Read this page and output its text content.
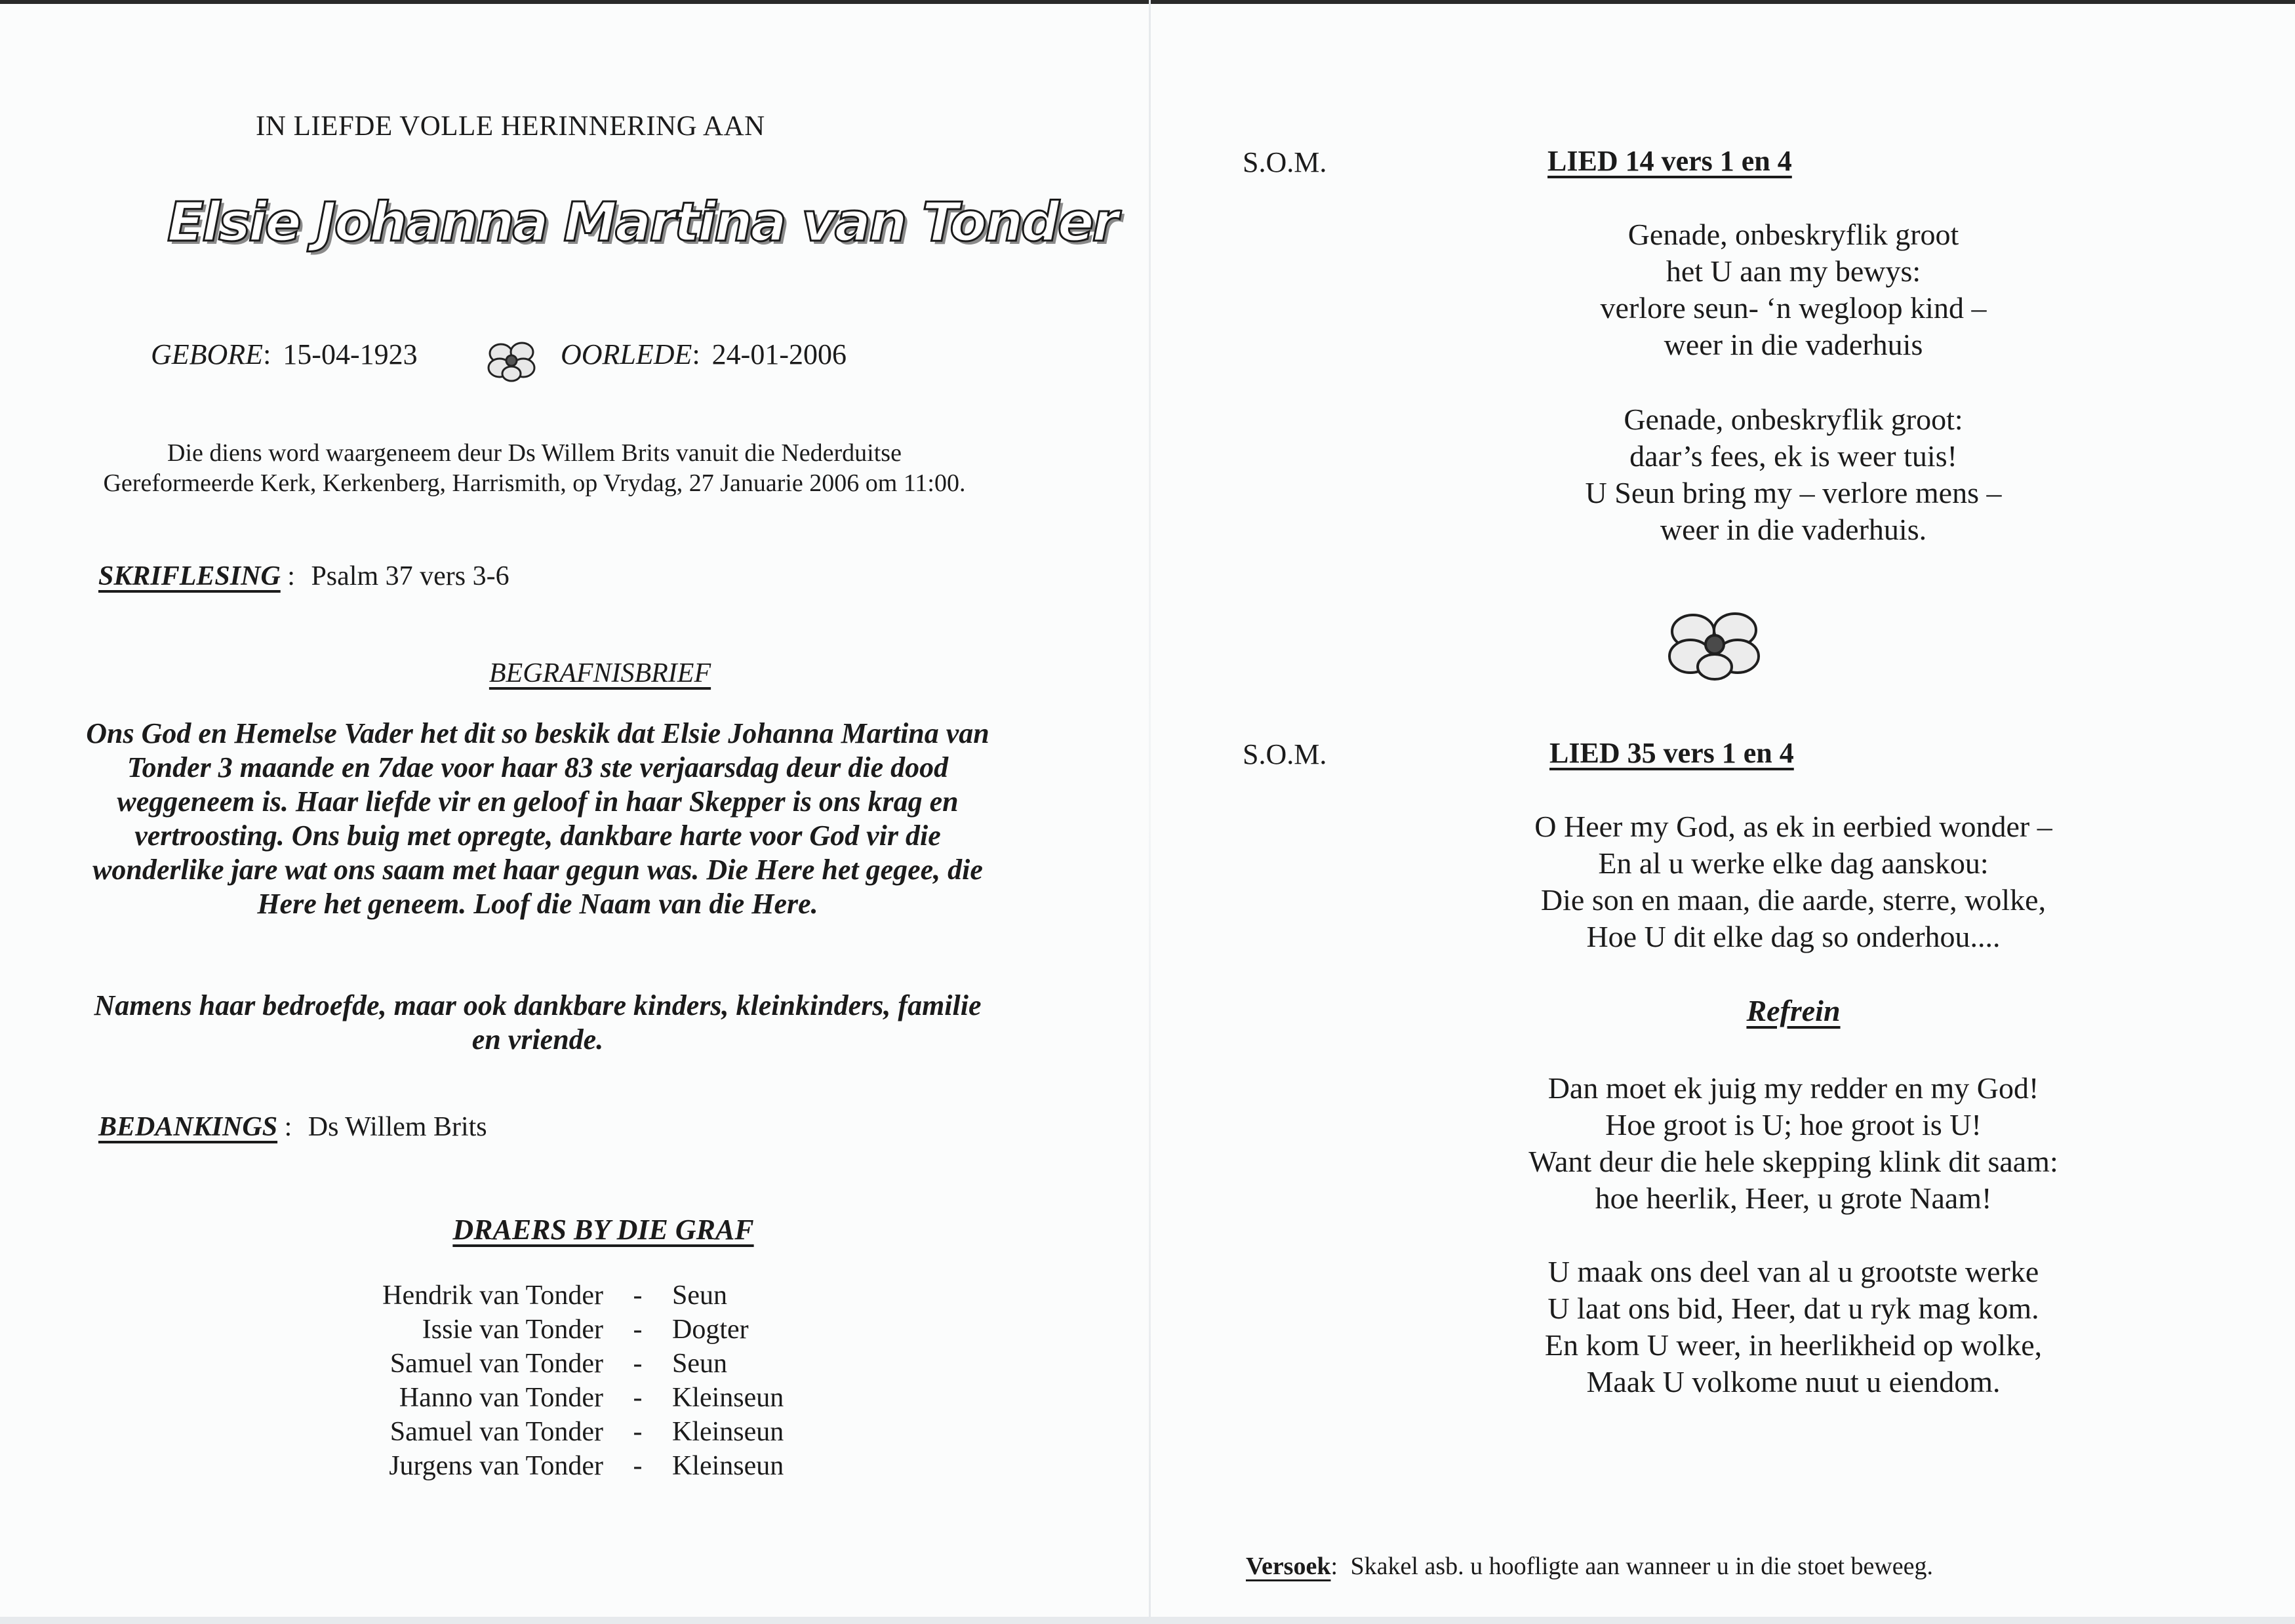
IN LIEFDE VOLLE HERINNERING AAN
Elsie Johanna Martina van Tonder
GEBORE: 15-04-1923	OORLEDE: 24-01-2006
Die diens word waargeneem deur Ds Willem Brits vanuit die Nederduitse Gereformeerde Kerk, Kerkenberg, Harrismith, op Vrydag, 27 Januarie 2006 om 11:00.
SKRIFLESING : Psalm 37 vers 3-6
BEGRAFNISBRIEF
Ons God en Hemelse Vader het dit so beskik dat Elsie Johanna Martina van Tonder 3 maande en 7dae voor haar 83 ste verjaarsdag deur die dood weggeneem is. Haar liefde vir en geloof in haar Skepper is ons krag en vertroosting. Ons buig met opregte, dankbare harte voor God vir die wonderlike jare wat ons saam met haar gegun was. Die Here het gegee, die Here het geneem. Loof die Naam van die Here.
Namens haar bedroefde, maar ook dankbare kinders, kleinkinders, familie en vriende.
BEDANKINGS : Ds Willem Brits
DRAERS BY DIE GRAF
Hendrik van Tonder	-	Seun
Issie van Tonder	-	Dogter
Samuel van Tonder	-	Seun
Hanno van Tonder	-	Kleinseun
Samuel van Tonder	-	Kleinseun
Jurgens van Tonder	-	Kleinseun
S.O.M.	LIED 14 vers 1 en 4
Genade, onbeskryflik groot
het U aan my bewys:
verlore seun- ‘n wegloop kind –
weer in die vaderhuis
Genade, onbeskryflik groot:
daar’s fees, ek is weer tuis!
U Seun bring my – verlore mens –
weer in die vaderhuis.
S.O.M.	LIED 35 vers 1 en 4
O Heer my God, as ek in eerbied wonder –
En al u werke elke dag aanskou:
Die son en maan, die aarde, sterre, wolke,
Hoe U dit elke dag so onderhou....
Refrein
Dan moet ek juig my redder en my God!
Hoe groot is U; hoe groot is U!
Want deur die hele skepping klink dit saam:
hoe heerlik, Heer, u grote Naam!
U maak ons deel van al u grootste werke
U laat ons bid, Heer, dat u ryk mag kom.
En kom U weer, in heerlikheid op wolke,
Maak U volkome nuut u eiendom.
Versoek: Skakel asb. u hoofligte aan wanneer u in die stoet beweeg.
